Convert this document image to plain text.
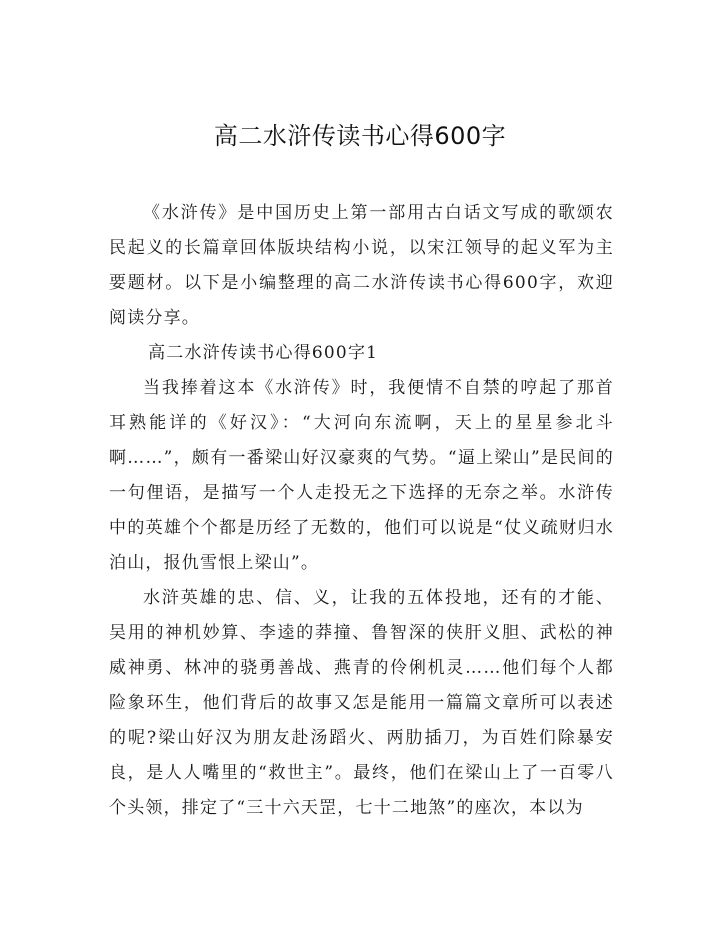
高二水浒传读书心得600字

《水浒传》是中国历史上第一部用古白话文写成的歌颂农民起义的长篇章回体版块结构小说，以宋江领导的起义军为主要题材。以下是小编整理的高二水浒传读书心得600字，欢迎阅读分享。

高二水浒传读书心得600字1

当我捧着这本《水浒传》时，我便情不自禁的哼起了那首耳熟能详的《好汉》：“大河向东流啊，天上的星星参北斗啊……”，颇有一番梁山好汉豪爽的气势。“逼上梁山”是民间的一句俚语，是描写一个人走投无之下选择的无奈之举。水浒传中的英雄个个都是历经了无数的，他们可以说是“仗义疏财归水泊山，报仇雪恨上梁山”。

水浒英雄的忠、信、义，让我的五体投地，还有的才能、吴用的神机妙算、李逵的莽撞、鲁智深的侠肝义胆、武松的神威神勇、林冲的骁勇善战、燕青的伶俐机灵……他们每个人都险象环生，他们背后的故事又怎是能用一篇篇文章所可以表述的呢?梁山好汉为朋友赴汤蹈火、两肋插刀，为百姓们除暴安良，是人人嘴里的“救世主”。最终，他们在梁山上了一百零八个头领，排定了“三十六天罡，七十二地煞”的座次，本以为
